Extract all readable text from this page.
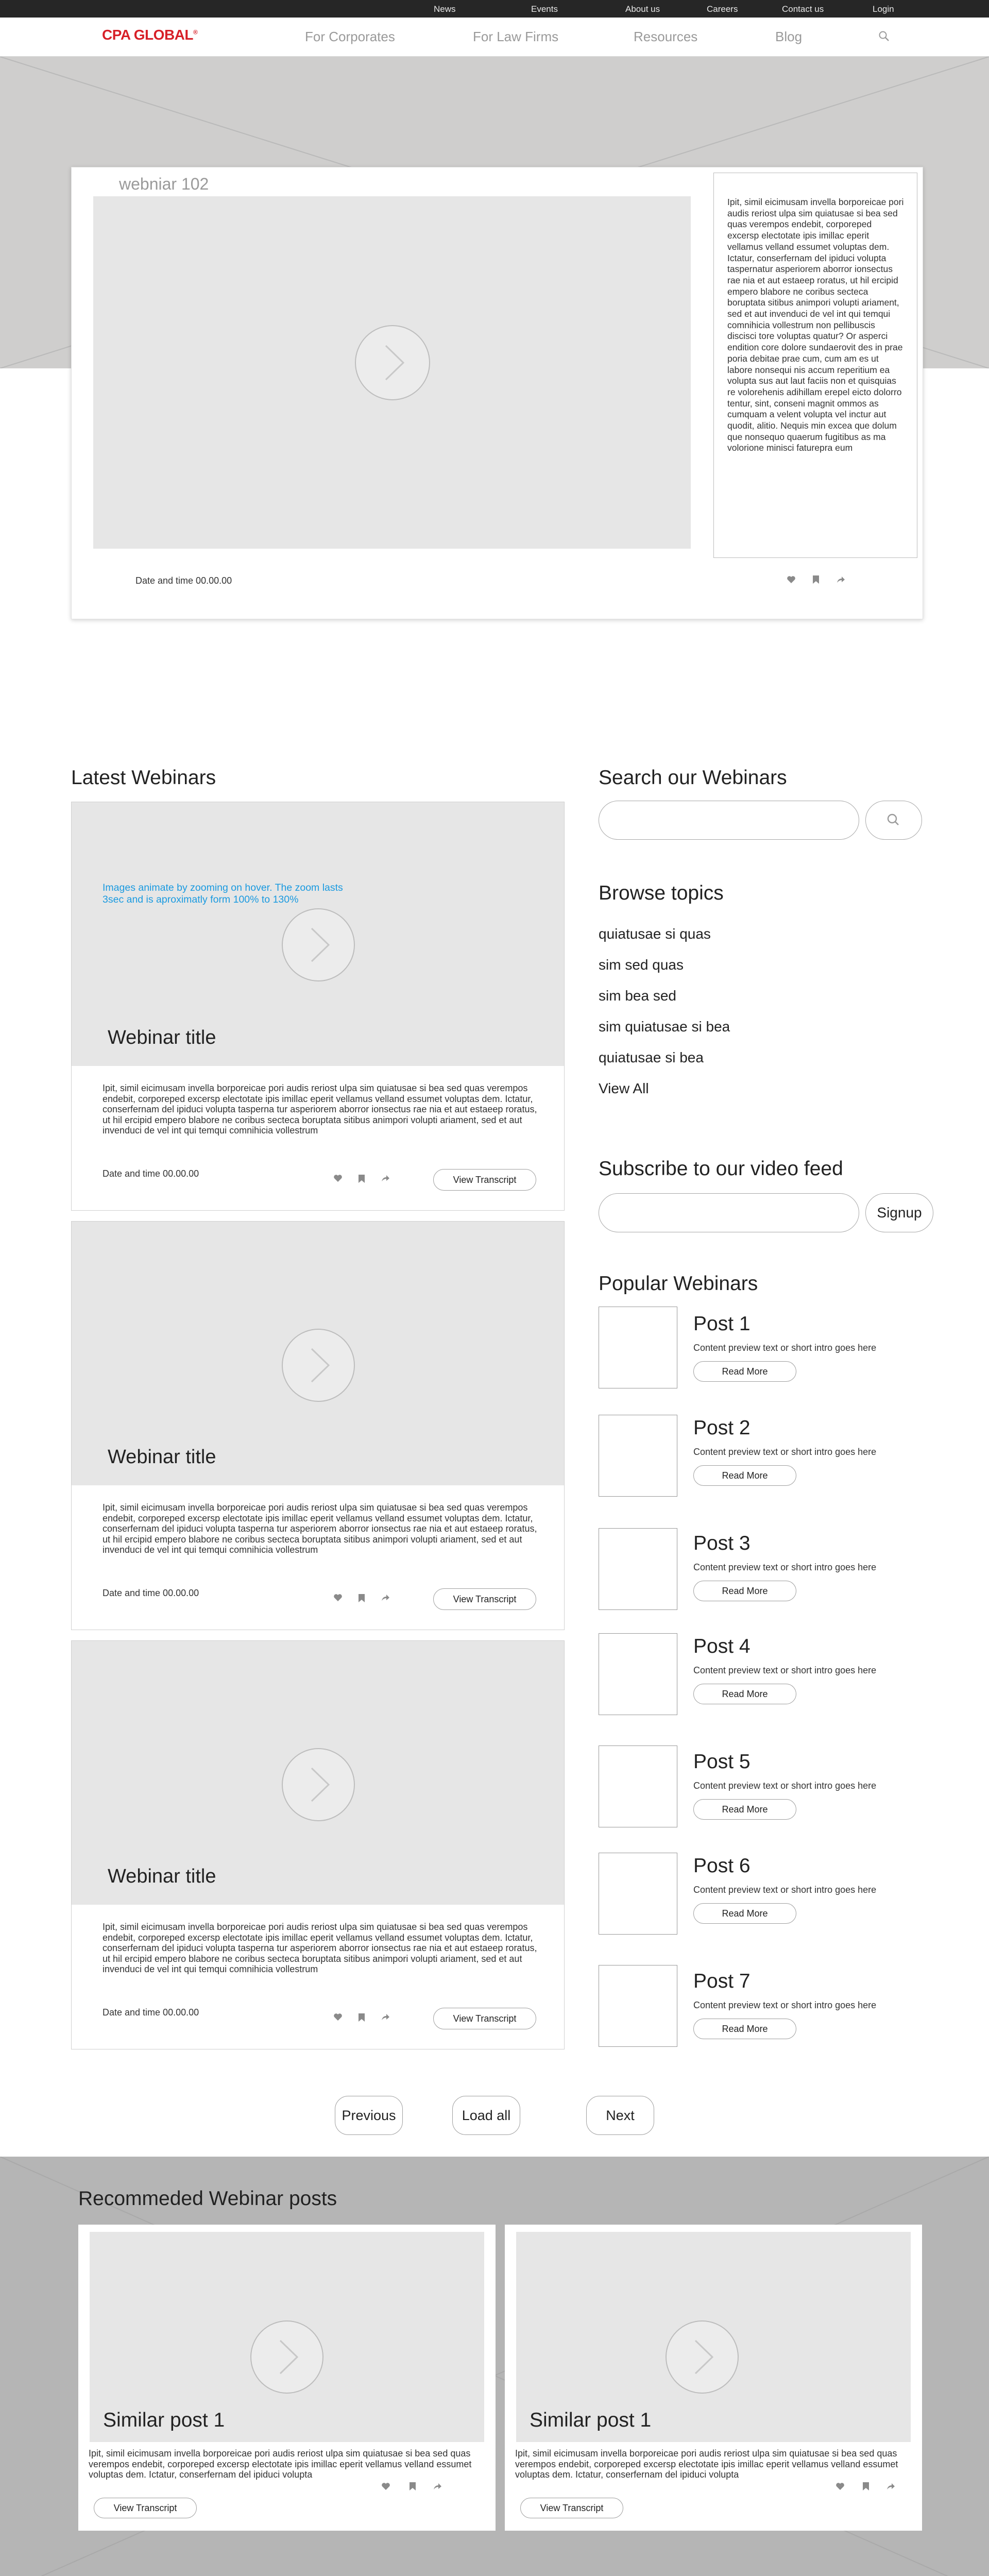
News	Events	About us	Careers	Contact us	Login
CPA GLOBAL®	For Corporates	For Law Firms	Resources	Blog
webniar 102
Ipit, simil eicimusam invella borporeicae pori audis reriost ulpa sim quiatusae si bea sed quas verempos endebit, corporeped excersp electotate ipis imillac eperit vellamus velland essumet voluptas dem. Ictatur, conserfernam del ipiduci volupta taspernatur asperiorem aborror ionsectus rae nia et aut estaeep roratus, ut hil ercipid empero blabore ne coribus secteca boruptata sitibus animpori volupti ariament, sed et aut invenduci de vel int qui temqui comnihicia vollestrum non pellibuscis discisci tore voluptas quatur? Or asperci endition core dolore sundaerovit des in prae poria debitae prae cum, cum am es ut labore nonsequi nis accum reperitium ea volupta sus aut laut faciis non et quisquias re volorehenis adihillam erepel eicto dolorro tentur, sint, conseni magnit ommos as cumquam a velent volupta vel inctur aut quodit, alitio. Nequis min excea que dolum que nonsequo quaerum fugitibus as ma volorione minisci faturepra eum
Date and time 00.00.00
Latest Webinars
Images animate by zooming on hover. The zoom lasts 3sec and is aproximatly form 100% to 130%
Webinar title
Ipit, simil eicimusam invella borporeicae pori audis reriost ulpa sim quiatusae si bea sed quas verempos endebit, corporeped excersp electotate ipis imillac eperit vellamus velland essumet voluptas dem. Ictatur, conserfernam del ipiduci volupta tasperna tur asperiorem aborror ionsectus rae nia et aut estaeep roratus, ut hil ercipid empero blabore ne coribus secteca boruptata sitibus animpori volupti ariament, sed et aut invenduci de vel int qui temqui comnihicia vollestrum
Date and time 00.00.00
View Transcript
Webinar title
Ipit, simil eicimusam invella borporeicae pori audis reriost ulpa sim quiatusae si bea sed quas verempos endebit, corporeped excersp electotate ipis imillac eperit vellamus velland essumet voluptas dem. Ictatur, conserfernam del ipiduci volupta tasperna tur asperiorem aborror ionsectus rae nia et aut estaeep roratus, ut hil ercipid empero blabore ne coribus secteca boruptata sitibus animpori volupti ariament, sed et aut invenduci de vel int qui temqui comnihicia vollestrum
Date and time 00.00.00
View Transcript
Webinar title
Ipit, simil eicimusam invella borporeicae pori audis reriost ulpa sim quiatusae si bea sed quas verempos endebit, corporeped excersp electotate ipis imillac eperit vellamus velland essumet voluptas dem. Ictatur, conserfernam del ipiduci volupta tasperna tur asperiorem aborror ionsectus rae nia et aut estaeep roratus, ut hil ercipid empero blabore ne coribus secteca boruptata sitibus animpori volupti ariament, sed et aut invenduci de vel int qui temqui comnihicia vollestrum
Date and time 00.00.00
View Transcript
Search our Webinars
Browse topics
quiatusae si quas
sim sed quas
sim bea sed
sim quiatusae si bea
quiatusae si bea
View All
Subscribe to our video feed
Signup
Popular Webinars
Post 1
Content preview text or short intro goes here
Read More
Post 2
Content preview text or short intro goes here
Read More
Post 3
Content preview text or short intro goes here
Read More
Post 4
Content preview text or short intro goes here
Read More
Post 5
Content preview text or short intro goes here
Read More
Post 6
Content preview text or short intro goes here
Read More
Post 7
Content preview text or short intro goes here
Read More
Previous	Load all	Next
Recommeded Webinar posts
Similar post 1
Ipit, simil eicimusam invella borporeicae pori audis reriost ulpa sim quiatusae si bea sed quas verempos endebit, corporeped excersp electotate ipis imillac eperit vellamus velland essumet voluptas dem. Ictatur, conserfernam del ipiduci volupta
View Transcript
Similar post 1
Ipit, simil eicimusam invella borporeicae pori audis reriost ulpa sim quiatusae si bea sed quas verempos endebit, corporeped excersp electotate ipis imillac eperit vellamus velland essumet voluptas dem. Ictatur, conserfernam del ipiduci volupta
View Transcript
